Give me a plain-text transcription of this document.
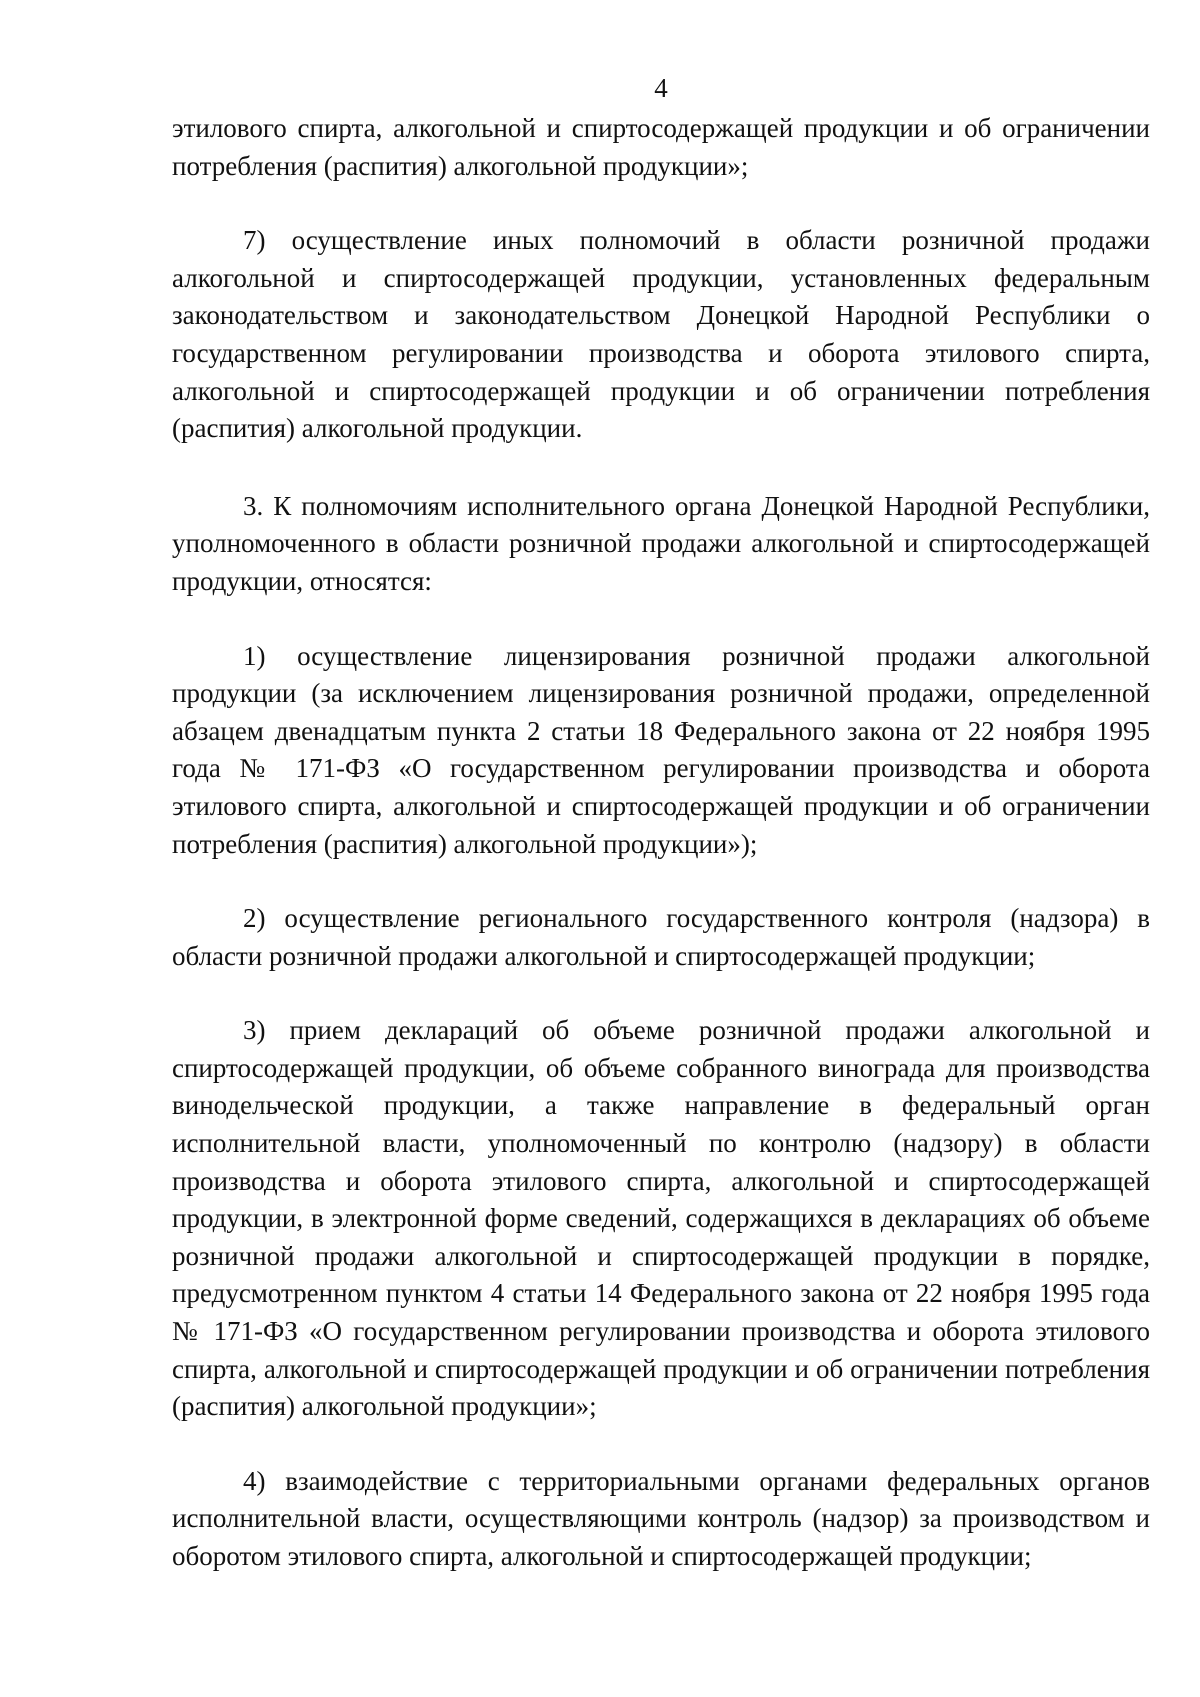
4

этилового спирта, алкогольной и спиртосодержащей продукции и об ограничении потребления (распития) алкогольной продукции»;

7) осуществление иных полномочий в области розничной продажи алкогольной и спиртосодержащей продукции, установленных федеральным законодательством и законодательством Донецкой Народной Республики о государственном регулировании производства и оборота этилового спирта, алкогольной и спиртосодержащей продукции и об ограничении потребления (распития) алкогольной продукции.

3. К полномочиям исполнительного органа Донецкой Народной Республики, уполномоченного в области розничной продажи алкогольной и спиртосодержащей продукции, относятся:

1) осуществление лицензирования розничной продажи алкогольной продукции (за исключением лицензирования розничной продажи, определенной абзацем двенадцатым пункта 2 статьи 18 Федерального закона от 22 ноября 1995 года № 171-ФЗ «О государственном регулировании производства и оборота этилового спирта, алкогольной и спиртосодержащей продукции и об ограничении потребления (распития) алкогольной продукции»);

2) осуществление регионального государственного контроля (надзора) в области розничной продажи алкогольной и спиртосодержащей продукции;

3) прием деклараций об объеме розничной продажи алкогольной и спиртосодержащей продукции, об объеме собранного винограда для производства винодельческой продукции, а также направление в федеральный орган исполнительной власти, уполномоченный по контролю (надзору) в области производства и оборота этилового спирта, алкогольной и спиртосодержащей продукции, в электронной форме сведений, содержащихся в декларациях об объеме розничной продажи алкогольной и спиртосодержащей продукции в порядке, предусмотренном пунктом 4 статьи 14 Федерального закона от 22 ноября 1995 года № 171-ФЗ «О государственном регулировании производства и оборота этилового спирта, алкогольной и спиртосодержащей продукции и об ограничении потребления (распития) алкогольной продукции»;

4) взаимодействие с территориальными органами федеральных органов исполнительной власти, осуществляющими контроль (надзор) за производством и оборотом этилового спирта, алкогольной и спиртосодержащей продукции;
